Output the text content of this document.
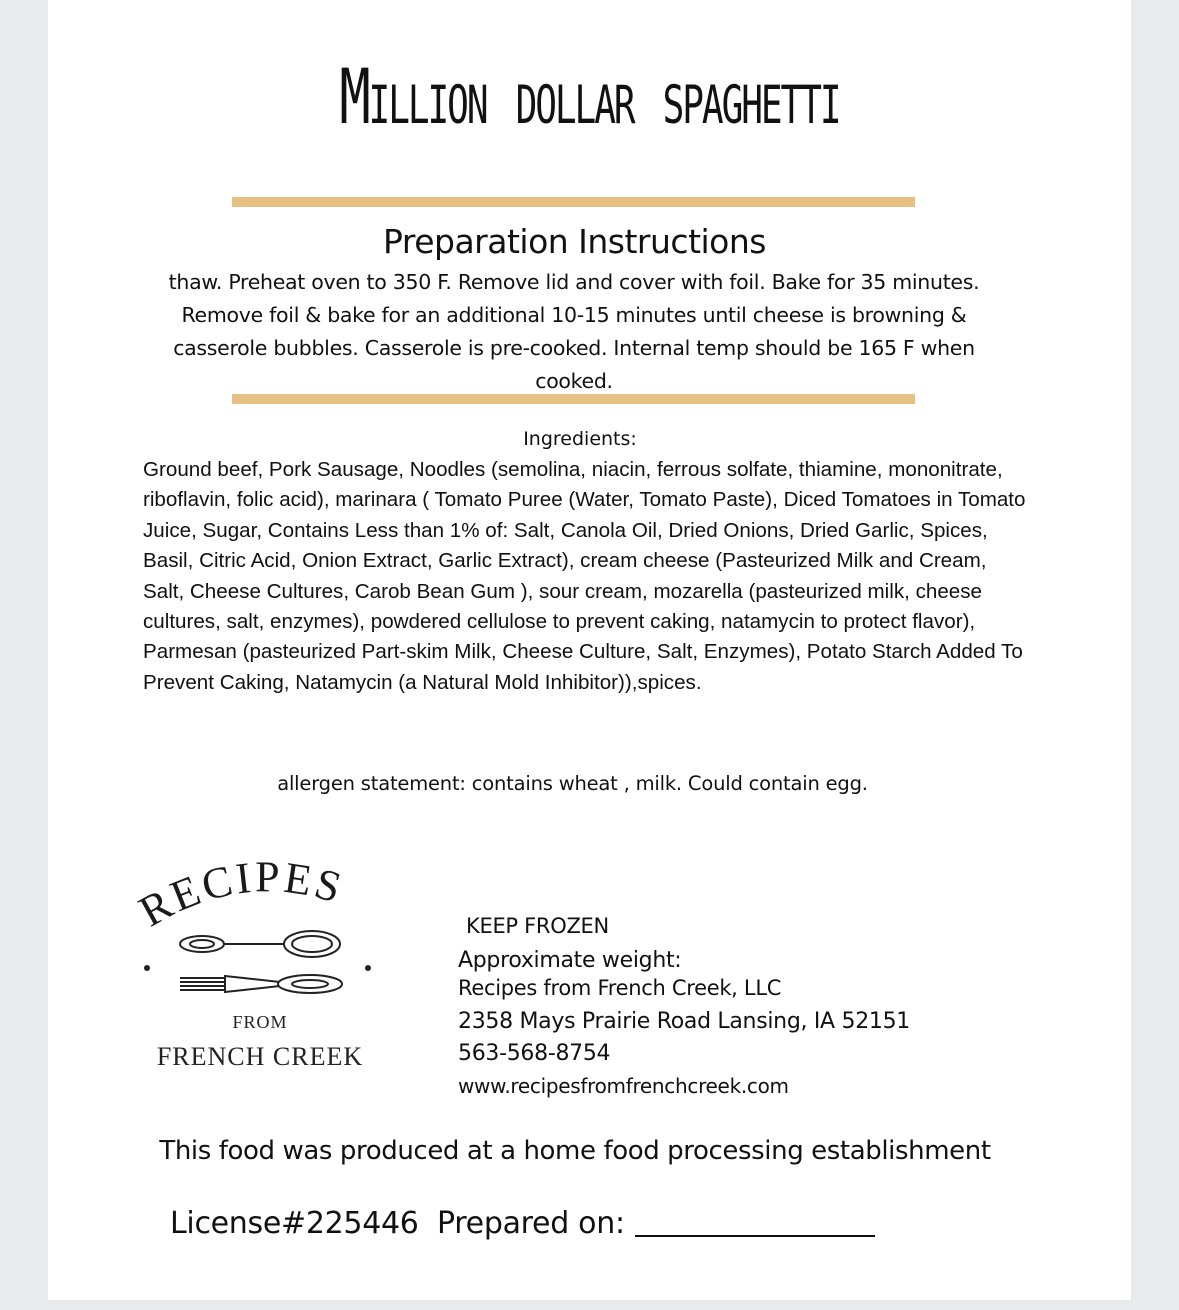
Million dollar spaghetti
Preparation Instructions
thaw. Preheat oven to 350 F. Remove lid and cover with foil. Bake for 35 minutes. Remove foil & bake for an additional 10-15 minutes until cheese is browning & casserole bubbles. Casserole is pre-cooked. Internal temp should be 165 F when cooked.
Ingredients:
Ground beef, Pork Sausage, Noodles (semolina, niacin, ferrous solfate, thiamine, mononitrate, riboflavin, folic acid), marinara ( Tomato Puree (Water, Tomato Paste), Diced Tomatoes in Tomato Juice, Sugar, Contains Less than 1% of: Salt, Canola Oil, Dried Onions, Dried Garlic, Spices, Basil, Citric Acid, Onion Extract, Garlic Extract), cream cheese (Pasteurized Milk and Cream, Salt, Cheese Cultures, Carob Bean Gum ), sour cream, mozarella (pasteurized milk, cheese cultures, salt, enzymes), powdered cellulose to prevent caking, natamycin to protect flavor), Parmesan (pasteurized Part-skim Milk, Cheese Culture, Salt, Enzymes), Potato Starch Added To Prevent Caking, Natamycin (a Natural Mold Inhibitor)),spices.
allergen statement: contains wheat , milk. Could contain egg.
RECIPES
FROM
FRENCH CREEK
KEEP FROZEN
Approximate weight:
Recipes from French Creek, LLC
2358 Mays Prairie Road Lansing, IA 52151
563-568-8754
www.recipesfromfrenchcreek.com
This food was produced at a home food processing establishment
License#225446 Prepared on:
